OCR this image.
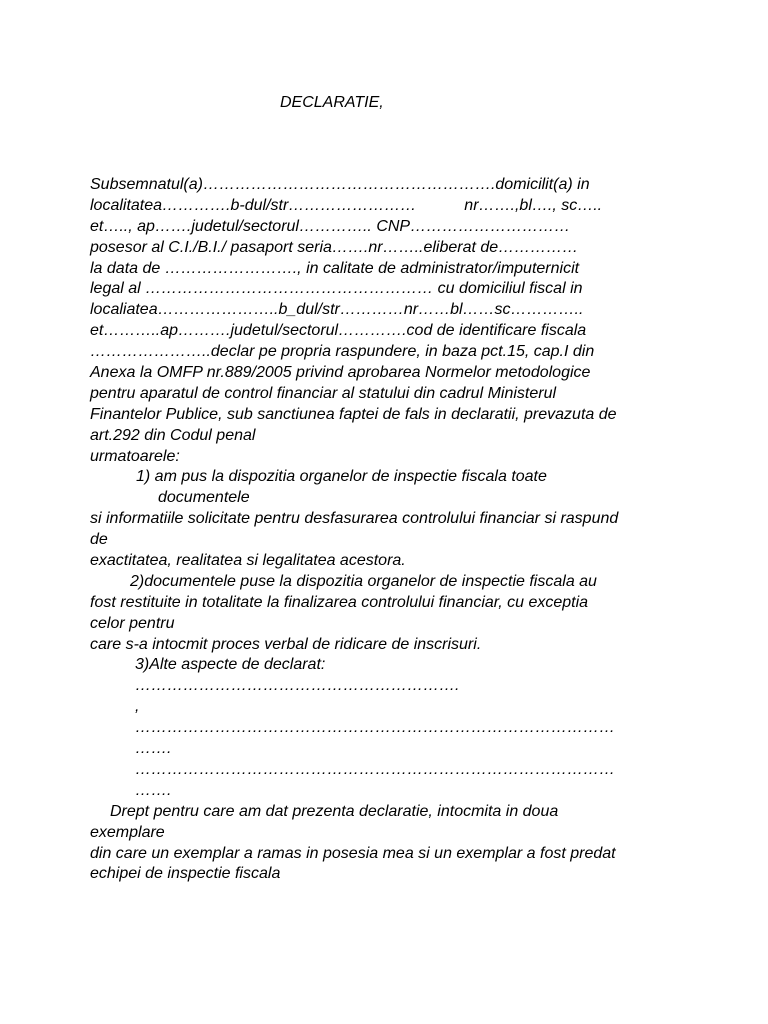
DECLARATIE,
Subsemnatul(a)……………………………………………….domicilit(a) in
localitatea………….b-dul/str……………………	nr…….,bl…., sc…..
et….., ap…….judetul/sectorul………….. CNP…………………………
posesor al C.I./B.I./ pasaport seria…….nr……..eliberat de……………
la data de ……………………., in calitate de administrator/imputernicit
legal al ……………………………………………… cu domiciliul fiscal in
localiatea…………………..b_dul/str…………nr……bl……sc…………..
et………..ap……….judetul/sectorul………….cod de identificare fiscala
…………………..declar pe propria raspundere, in baza pct.15, cap.I din
Anexa la OMFP nr.889/2005 privind aprobarea Normelor metodologice
pentru aparatul de control financiar al statului din cadrul Ministerul
Finantelor Publice, sub sanctiunea faptei de fals in declaratii, prevazuta de
art.292 din Codul penal
urmatoarele:
1) am pus la dispozitia organelor de inspectie fiscala toate
documentele
si informatiile solicitate pentru desfasurarea controlului financiar si raspund
de
exactitatea, realitatea si legalitatea acestora.
2)documentele puse la dispozitia organelor de inspectie fiscala au
fost restituite in totalitate la finalizarea controlului financiar, cu exceptia
celor pentru
care s-a intocmit proces verbal de ridicare de inscrisuri.
3)Alte aspecte de declarat:
…………………………………………………….
,
………………………………………………………………………………
…….
………………………………………………………………………………
…….
Drept pentru care am dat prezenta declaratie, intocmita in doua
exemplare
din care un exemplar a ramas in posesia mea si un exemplar a fost predat
echipei de inspectie fiscala
